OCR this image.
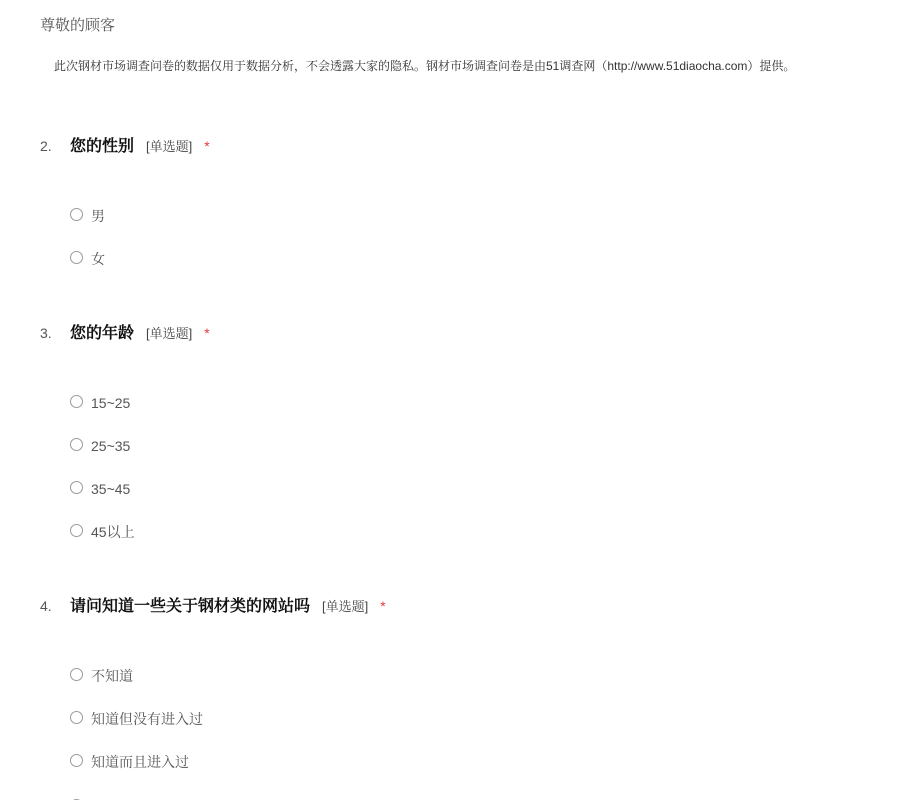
尊敬的顾客
此次钢材市场调查问卷的数据仅用于数据分析，不会透露大家的隐私。钢材市场调查问卷是由51调查网（http://www.51diaocha.com）提供。
2. 您的性别 [单选题] *
男
女
3. 您的年龄 [单选题] *
15~25
25~35
35~45
45以上
4. 请问知道一些关于钢材类的网站吗 [单选题] *
不知道
知道但没有进入过
知道而且进入过
